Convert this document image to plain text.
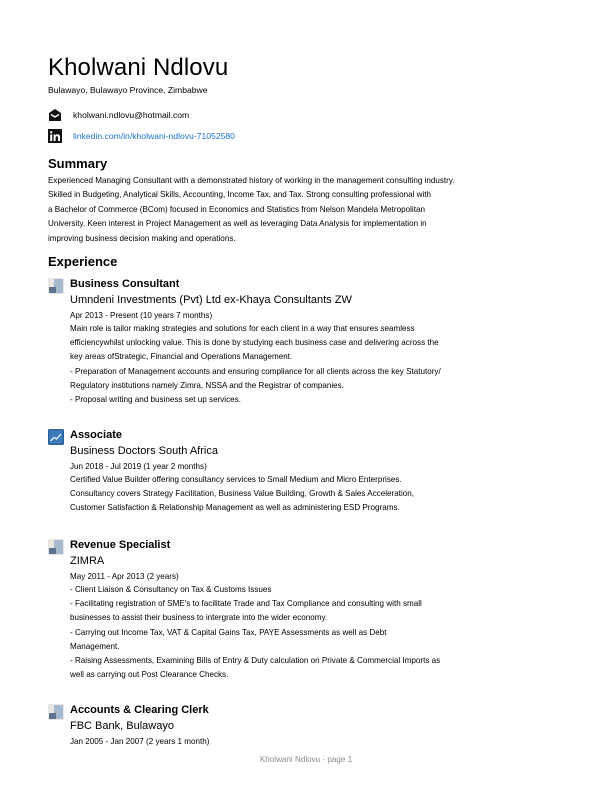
Kholwani Ndlovu
Bulawayo, Bulawayo Province, Zimbabwe
kholwani.ndlovu@hotmail.com
linkedin.com/in/kholwani-ndlovu-71052580
Summary
Experienced Managing Consultant with a demonstrated history of working in the management consulting industry.
Skilled in Budgeting, Analytical Skills, Accounting, Income Tax, and Tax. Strong consulting professional with
a Bachelor of Commerce (BCom) focused in Economics and Statistics from Nelson Mandela Metropolitan
University. Keen interest in Project Management as well as leveraging Data Analysis for implementation in
improving business decision making and operations.
Experience
Business Consultant
Umndeni Investments (Pvt) Ltd ex-Khaya Consultants ZW
Apr 2013 - Present (10 years 7 months)
Main role is tailor making strategies and solutions for each client in a way that ensures seamless
efficiencywhilst unlocking value. This is done by studying each business case and delivering across the
key areas ofStrategic, Financial and Operations Management.
- Preparation of Management accounts and ensuring compliance for all clients across the key Statutory/
Regulatory institutions namely Zimra, NSSA and the Registrar of companies.
- Proposal writing and business set up services.
Associate
Business Doctors South Africa
Jun 2018 - Jul 2019 (1 year 2 months)
Certified Value Builder offering consultancy services to Small Medium and Micro Enterprises.
Consultancy covers Strategy Facilitation, Business Value Building, Growth & Sales Acceleration,
Customer Satisfaction & Relationship Management as well as administering ESD Programs.
Revenue Specialist
ZIMRA
May 2011 - Apr 2013 (2 years)
- Client Liaison & Consultancy on Tax & Customs Issues
- Facilitating registration of SME's to facilitate Trade and Tax Compliance and consulting with small
businesses to assist their business to intergrate into the wider economy.
- Carrying out Income Tax, VAT & Capital Gains Tax, PAYE Assessments as well as Debt
Management.
- Raising Assessments, Examining Bills of Entry & Duty calculation on Private & Commercial Imports as
well as carrying out Post Clearance Checks.
Accounts & Clearing Clerk
FBC Bank, Bulawayo
Jan 2005 - Jan 2007 (2 years 1 month)
Kholwani Ndlovu - page 1
